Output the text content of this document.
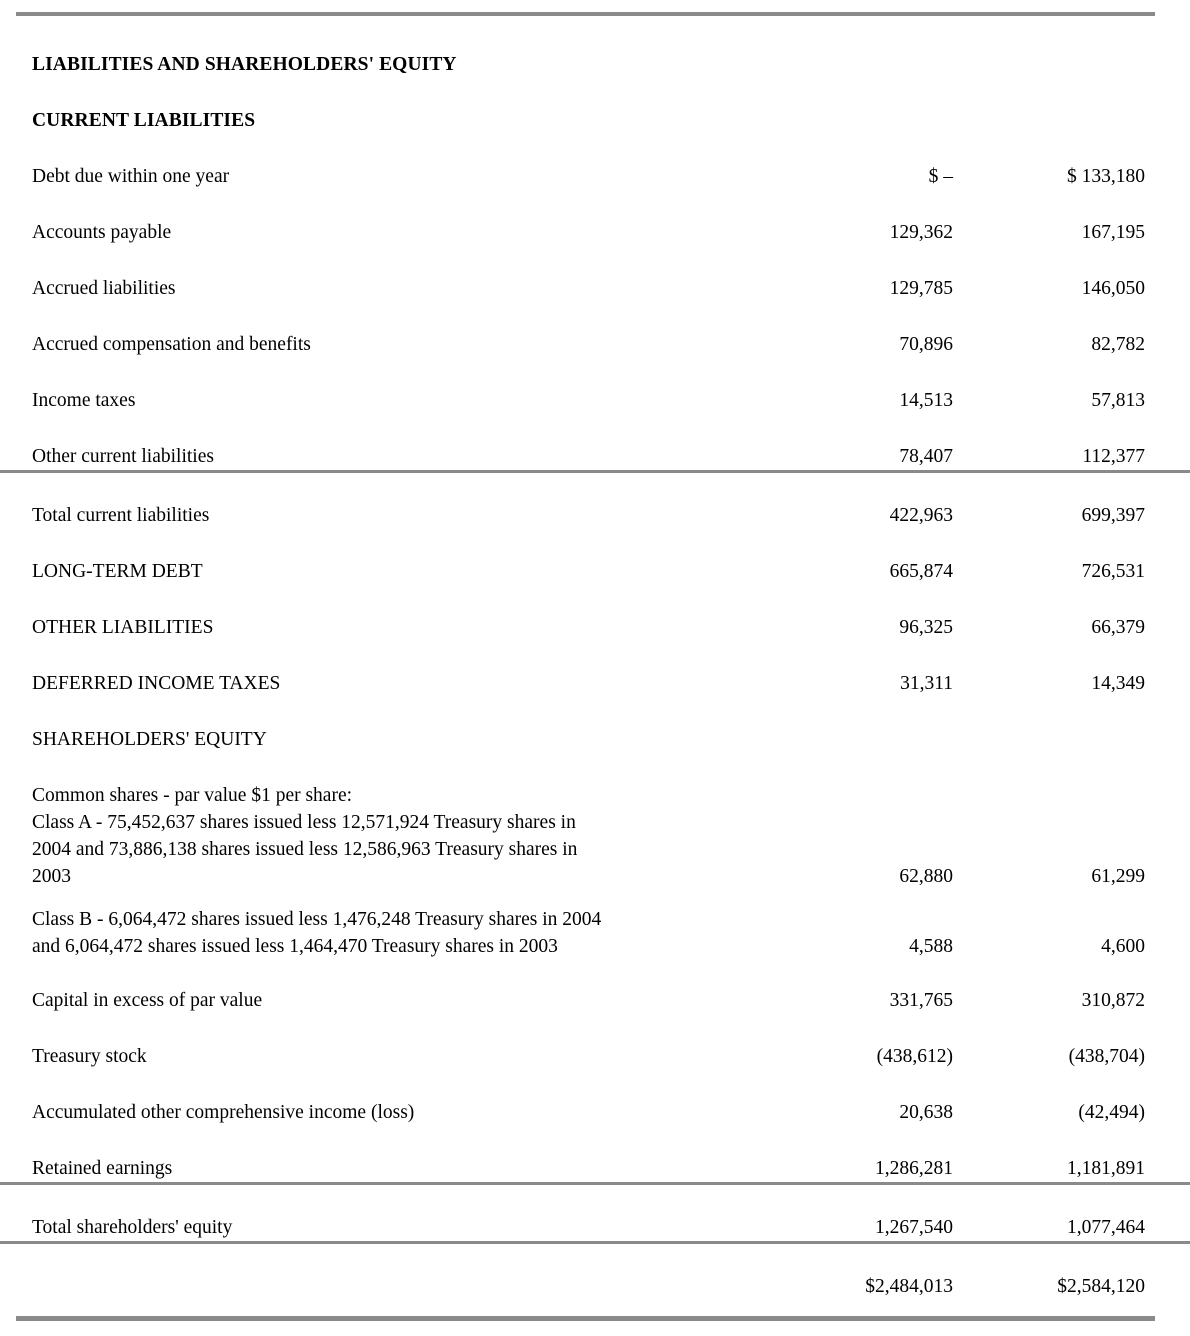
LIABILITIES AND SHAREHOLDERS' EQUITY		
CURRENT LIABILITIES		
Debt due within one year	$ –	$ 133,180
Accounts payable	129,362	167,195
Accrued liabilities	129,785	146,050
Accrued compensation and benefits	70,896	82,782
Income taxes	14,513	57,813
Other current liabilities	78,407	112,377
Total current liabilities	422,963	699,397
LONG-TERM DEBT	665,874	726,531
OTHER LIABILITIES	96,325	66,379
DEFERRED INCOME TAXES	31,311	14,349
SHAREHOLDERS' EQUITY		
Common shares - par value $1 per share:		

Class A - 75,452,637 shares issued less 12,571,924 Treasury shares in
2004 and 73,886,138 shares issued less 12,586,963 Treasury shares in
2003	62,880	61,299

Class B - 6,064,472 shares issued less 1,476,248 Treasury shares in 2004
and 6,064,472 shares issued less 1,464,470 Treasury shares in 2003	4,588	4,600
Capital in excess of par value	331,765	310,872
Treasury stock	(438,612)	(438,704)
Accumulated other comprehensive income (loss)	20,638	(42,494)
Retained earnings	1,286,281	1,181,891
Total shareholders' equity	1,267,540	1,077,464
	$2,484,013	$2,584,120
